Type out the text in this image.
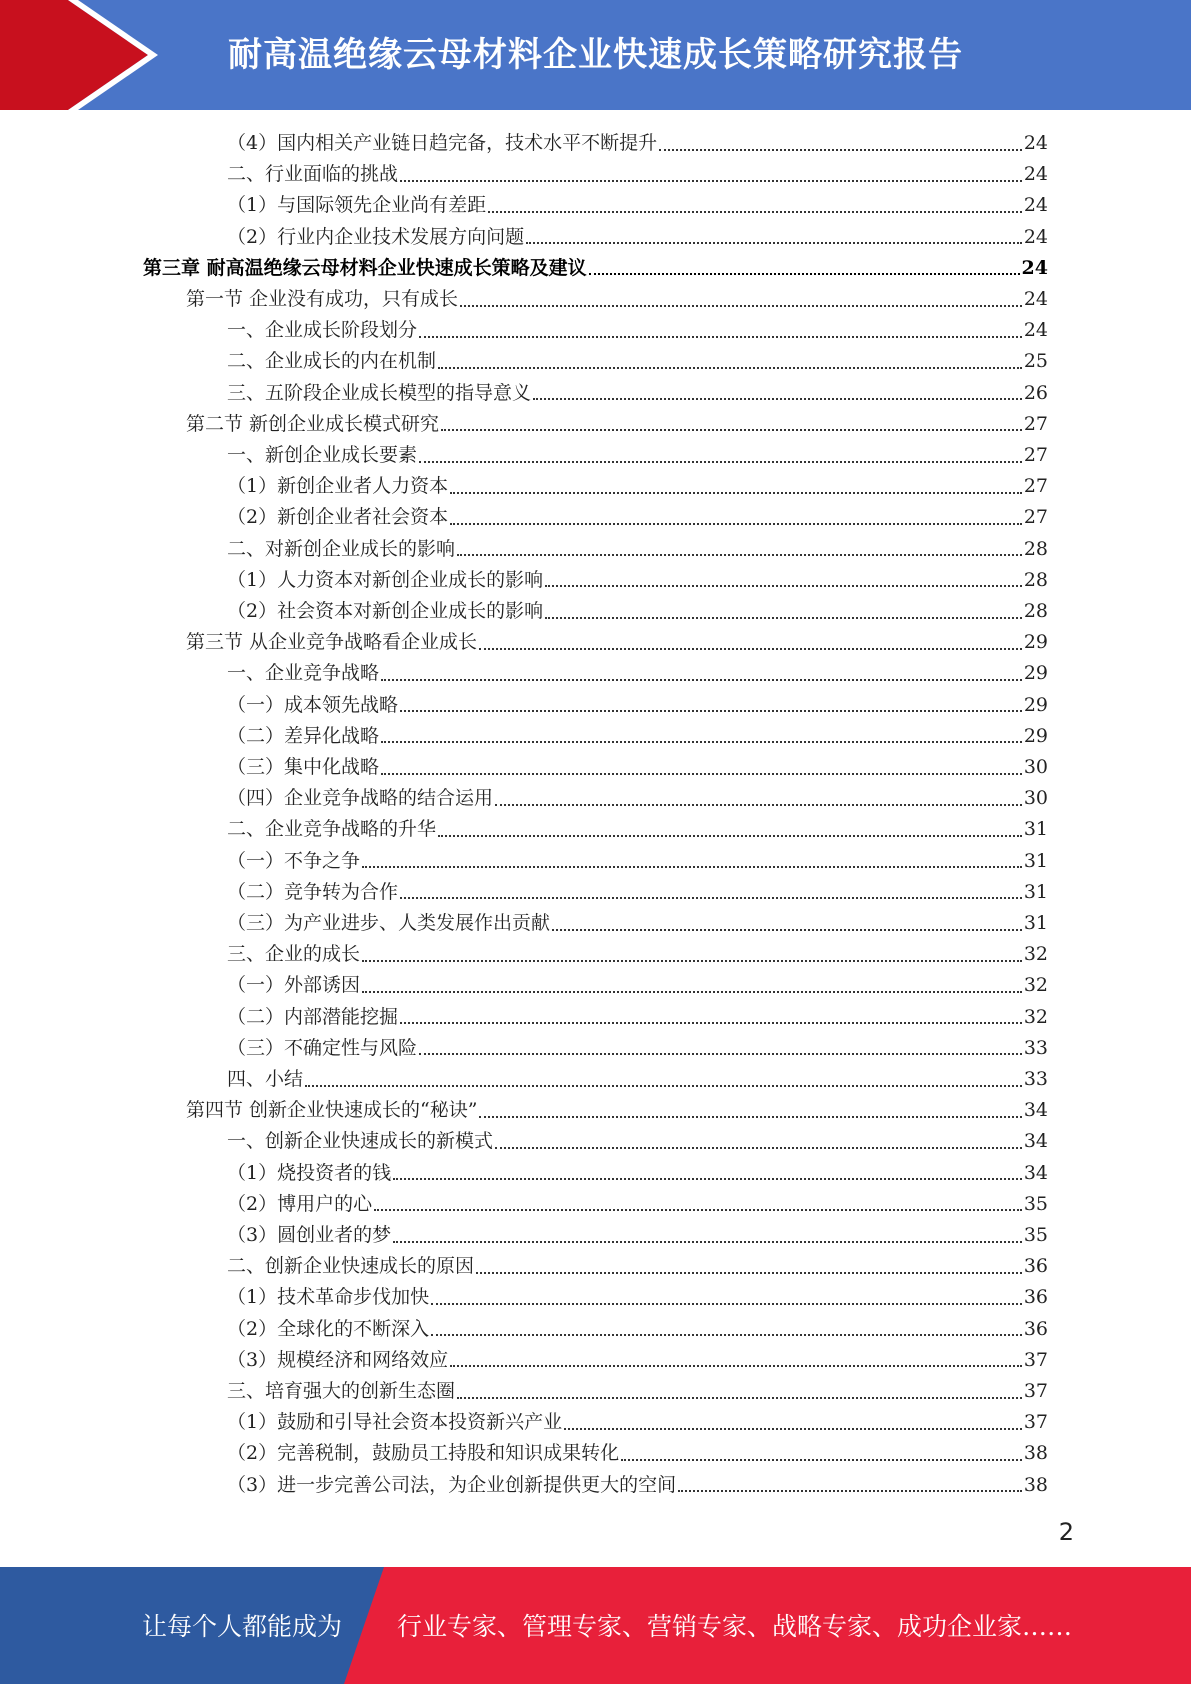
耐高温绝缘云母材料企业快速成长策略研究报告
（4）国内相关产业链日趋完备，技术水平不断提升	24
二、行业面临的挑战	24
（1）与国际领先企业尚有差距	24
（2）行业内企业技术发展方向问题	24
第三章 耐高温绝缘云母材料企业快速成长策略及建议	24
第一节 企业没有成功，只有成长	24
一、企业成长阶段划分	24
二、企业成长的内在机制	25
三、五阶段企业成长模型的指导意义	26
第二节 新创企业成长模式研究	27
一、新创企业成长要素	27
（1）新创企业者人力资本	27
（2）新创企业者社会资本	27
二、对新创企业成长的影响	28
（1）人力资本对新创企业成长的影响	28
（2）社会资本对新创企业成长的影响	28
第三节 从企业竞争战略看企业成长	29
一、企业竞争战略	29
（一）成本领先战略	29
（二）差异化战略	29
（三）集中化战略	30
（四）企业竞争战略的结合运用	30
二、企业竞争战略的升华	31
（一）不争之争	31
（二）竞争转为合作	31
（三）为产业进步、人类发展作出贡献	31
三、企业的成长	32
（一）外部诱因	32
（二）内部潜能挖掘	32
（三）不确定性与风险	33
四、小结	33
第四节 创新企业快速成长的“秘诀”	34
一、创新企业快速成长的新模式	34
（1）烧投资者的钱	34
（2）博用户的心	35
（3）圆创业者的梦	35
二、创新企业快速成长的原因	36
（1）技术革命步伐加快	36
（2）全球化的不断深入	36
（3）规模经济和网络效应	37
三、培育强大的创新生态圈	37
（1）鼓励和引导社会资本投资新兴产业	37
（2）完善税制，鼓励员工持股和知识成果转化	38
（3）进一步完善公司法，为企业创新提供更大的空间	38
2
让每个人都能成为 行业专家、管理专家、营销专家、战略专家、成功企业家……
